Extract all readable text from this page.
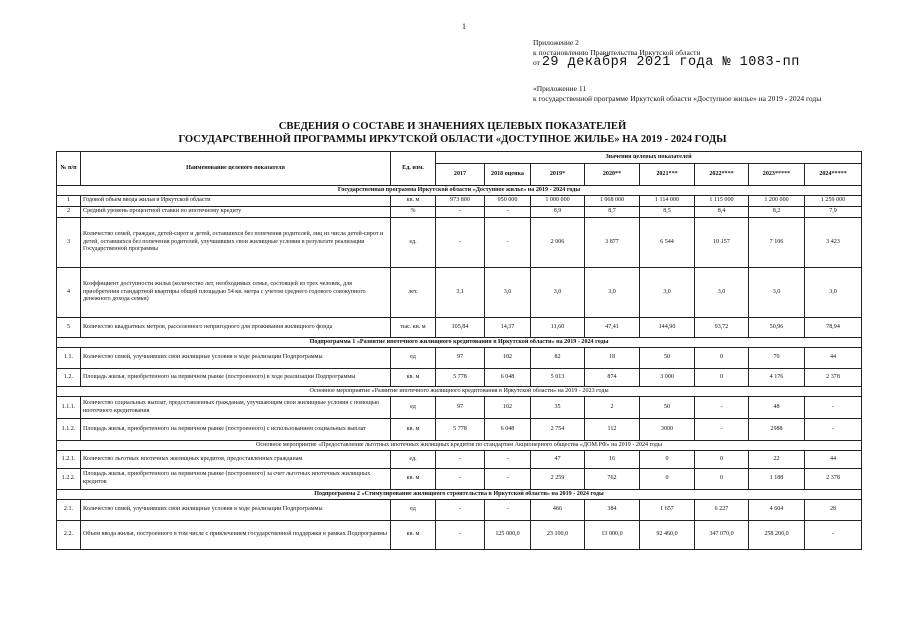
1
Приложение 2
к постановлению Правительства Иркутской области
от 29 декабря 2021 года № 1083-пп
«Приложение 11
к государственной программе Иркутской области «Доступное жилье» на 2019 - 2024 годы
СВЕДЕНИЯ О СОСТАВЕ И ЗНАЧЕНИЯХ ЦЕЛЕВЫХ ПОКАЗАТЕЛЕЙ
ГОСУДАРСТВЕННОЙ ПРОГРАММЫ ИРКУТСКОЙ ОБЛАСТИ «ДОСТУПНОЕ ЖИЛЬЕ» НА 2019 - 2024 ГОДЫ
№ п/п	Наименование целевого показателя	Ед. изм.	Значения целевых показателей							
			2017	2018 оценка	2019*	2020**	2021***	2022****	2023*****	2024*****
Государственная программа Иркутской области «Доступное жилье» на 2019 - 2024 годы										
1	Годовой объем ввода жилья в Иркутской области	кв. м	973 800	950 000	1 000 000	1 068 000	1 114 000	1 115 000	1 200 000	1 259 000
2	Средний уровень процентной ставки по ипотечному кредиту	%	-	-	8,9	8,7	8,5	8,4	8,2	7,9
3	Количество семей, граждан, детей-сирот и детей, оставшихся без попечения родителей, лиц из числа детей-сирот и детей, оставшихся без попечения родителей, улучшивших свои жилищные условия в результате реализации Государственной программы	ед.	-	-	2 006	3 877	6 544	10 157	7 106	3 423
4	Коэффициент доступности жилья (количество лет, необходимых семье, состоящей из трех человек, для приобретения стандартной квартиры общей площадью 54 кв. метра с учетом среднего годового совокупного денежного дохода семьи)	лет.	3,1	3,0	3,0	3,0	3,0	3,0	3,0	3,0
5	Количество квадратных метров, расселенного непригодного для проживания жилищного фонда	тыс. кв. м	105,84	14,37	11,60	47,41	144,90	93,72	50,96	78,94
Подпрограмма 1 «Развитие ипотечного жилищного кредитования в Иркутской области» на 2019 - 2024 годы										
1.1.	Количество семей, улучшивших свои жилищные условия в ходе реализации Подпрограммы	ед	97	102	82	18	50	0	70	44
1.2.	Площадь жилья, приобретенного на первичном рынке (построенного) в ходе реализации Подпрограммы	кв. м	5 778	6 048	5 013	874	3 000	0	4 176	2 378
Основное мероприятие «Развитие ипотечного жилищного кредитования в Иркутской области» на 2019 - 2023 годы										
1.1.1.	Количество социальных выплат, предоставленных гражданам, улучшающим свои жилищные условия с помощью ипотечного кредитования	ед	97	102	35	2	50	-	48	-
1.1.2.	Площадь жилья, приобретенного на первичном рынке (построенного) с использованием социальных выплат	кв. м	5 778	6 048	2 754	112	3000	-	2988	-
Основное мероприятие «Предоставление льготных ипотечных жилищных кредитов по стандартам Акционерного общества «ДОМ.РФ» на 2019 - 2024 годы										
1.2.1.	Количество льготных ипотечных жилищных кредитов, предоставленных гражданам	ед.	-	-	47	16	0	0	22	44
1.2.2.	Площадь жилья, приобретенного на первичном рынке (построенного) за счет льготных ипотечных жилищных кредитов	кв. м	-	-	2 259	762	0	0	1 188	2 378
Подпрограмма 2 «Стимулирование жилищного строительства в Иркутской области» на 2019 - 2024 годы										
2.1.	Количество семей, улучшивших свои жилищные условия в ходе реализации Подпрограммы	ед	-	-	466	384	1 657	6 227	4 604	28
2.2.	Объем ввода жилья, построенного в том числе с привлечением государственной поддержки в рамках Подпрограммы	кв. м	-	125 000,0	23 100,0	13 000,0	92 460,0	347 070,0	258 200,0	-
